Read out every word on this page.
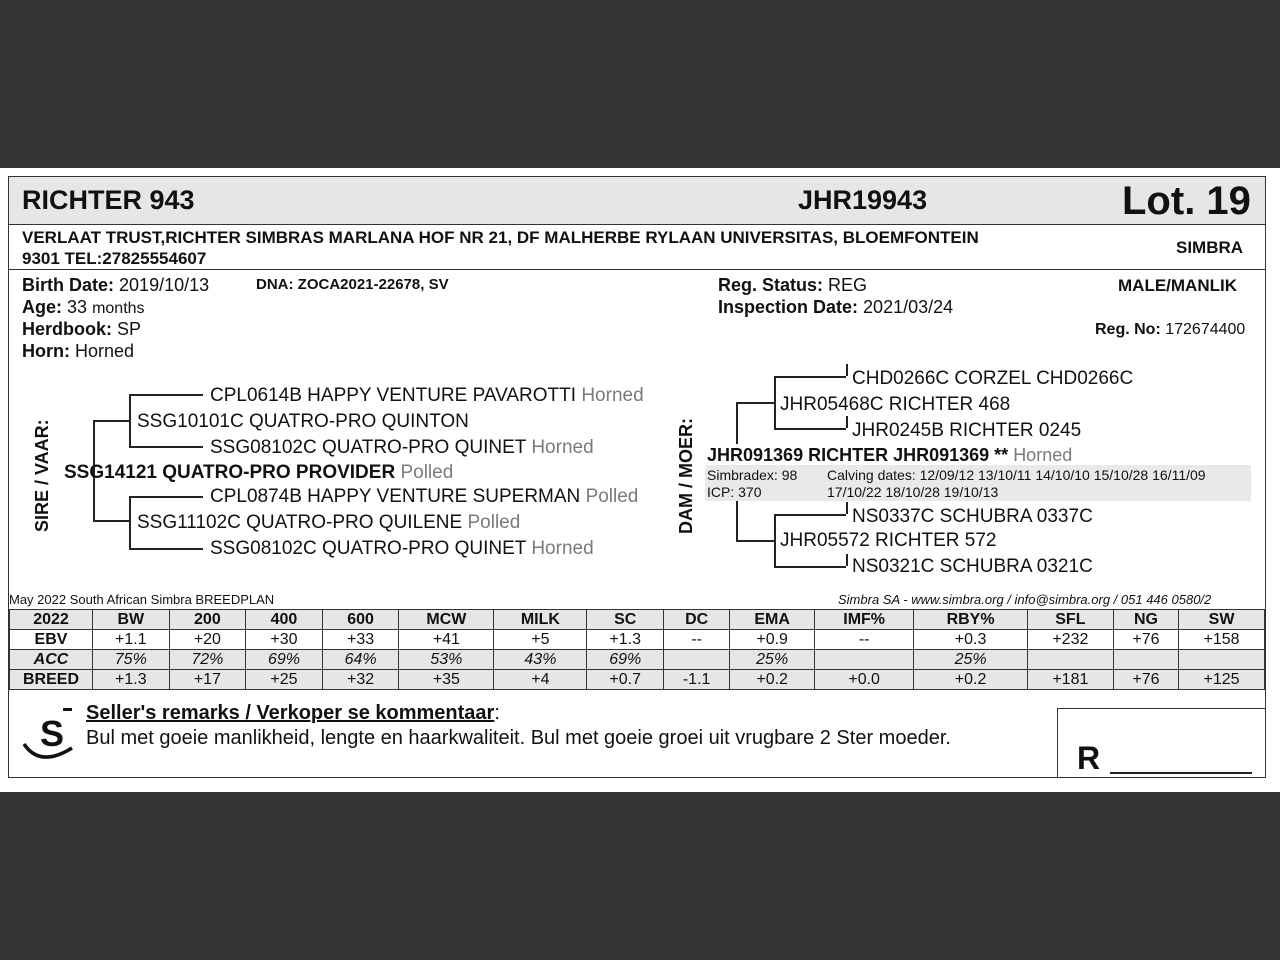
RICHTER 943	JHR19943	Lot. 19
VERLAAT TRUST,RICHTER SIMBRAS MARLANA HOF NR 21, DF MALHERBE RYLAAN UNIVERSITAS, BLOEMFONTEIN
9301 TEL:27825554607
SIMBRA
Birth Date: 2019/10/13	DNA: ZOCA2021-22678, SV
Age: 33 months
Herdbook: SP
Horn: Horned
Reg. Status: REG
Inspection Date: 2021/03/24
MALE/MANLIK
Reg. No: 172674400
SIRE / VAAR:
CPL0614B HAPPY VENTURE PAVAROTTI Horned
SSG10101C QUATRO-PRO QUINTON
SSG08102C QUATRO-PRO QUINET Horned
SSG14121 QUATRO-PRO PROVIDER Polled
CPL0874B HAPPY VENTURE SUPERMAN Polled
SSG11102C QUATRO-PRO QUILENE Polled
SSG08102C QUATRO-PRO QUINET Horned
DAM / MOER:
CHD0266C CORZEL CHD0266C
JHR05468C RICHTER 468
JHR0245B RICHTER 0245
JHR091369 RICHTER JHR091369 ** Horned
Simbradex: 98
ICP: 370
Calving dates: 12/09/12 13/10/11 14/10/10 15/10/28 16/11/09
17/10/22 18/10/28 19/10/13
NS0337C SCHUBRA 0337C
JHR05572 RICHTER 572
NS0321C SCHUBRA 0321C
May 2022 South African Simbra BREEDPLAN	Simbra SA - www.simbra.org / info@simbra.org / 051 446 0580/2
2022	BW	200	400	600	MCW	MILK	SC	DC	EMA	IMF%	RBY%	SFL	NG	SW
EBV	+1.1	+20	+30	+33	+41	+5	+1.3	--	+0.9	--	+0.3	+232	+76	+158
ACC	75%	72%	69%	64%	53%	43%	69%		25%		25%			
BREED	+1.3	+17	+25	+32	+35	+4	+0.7	-1.1	+0.2	+0.0	+0.2	+181	+76	+125
S Seller's remarks / Verkoper se kommentaar:
Bul met goeie manlikheid, lengte en haarkwaliteit. Bul met goeie groei uit vrugbare 2 Ster moeder.
R
